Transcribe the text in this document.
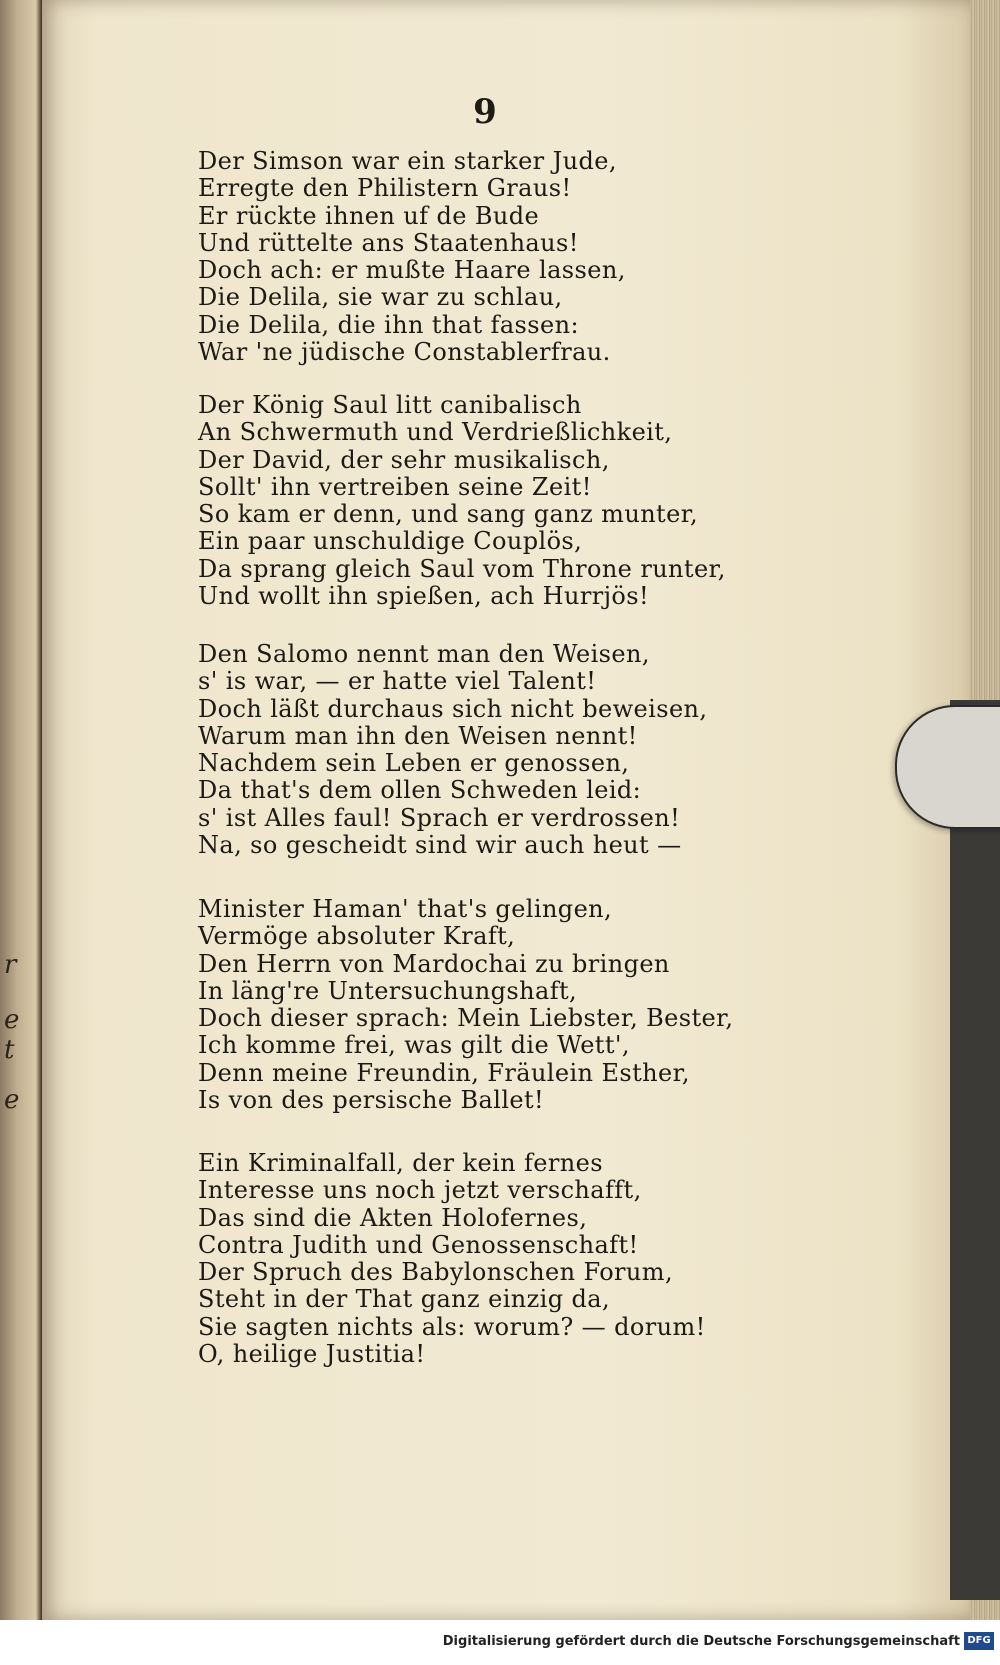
r
e
t
e
9
Der Simson war ein starker Jude,
Erregte den Philistern Graus!
Er rückte ihnen uf de Bude
Und rüttelte ans Staatenhaus!
Doch ach: er mußte Haare lassen,
Die Delila, sie war zu schlau,
Die Delila, die ihn that fassen:
War 'ne jüdische Constablerfrau.
Der König Saul litt canibalisch
An Schwermuth und Verdrießlichkeit,
Der David, der sehr musikalisch,
Sollt' ihn vertreiben seine Zeit!
So kam er denn, und sang ganz munter,
Ein paar unschuldige Couplös,
Da sprang gleich Saul vom Throne runter,
Und wollt ihn spießen, ach Hurrjös!
Den Salomo nennt man den Weisen,
s' is war, — er hatte viel Talent!
Doch läßt durchaus sich nicht beweisen,
Warum man ihn den Weisen nennt!
Nachdem sein Leben er genossen,
Da that's dem ollen Schweden leid:
s' ist Alles faul! Sprach er verdrossen!
Na, so gescheidt sind wir auch heut —
Minister Haman' that's gelingen,
Vermöge absoluter Kraft,
Den Herrn von Mardochai zu bringen
In läng're Untersuchungshaft,
Doch dieser sprach: Mein Liebster, Bester,
Ich komme frei, was gilt die Wett',
Denn meine Freundin, Fräulein Esther,
Is von des persische Ballet!
Ein Kriminalfall, der kein fernes
Interesse uns noch jetzt verschafft,
Das sind die Akten Holofernes,
Contra Judith und Genossenschaft!
Der Spruch des Babylonschen Forum,
Steht in der That ganz einzig da,
Sie sagten nichts als: worum? — dorum!
O, heilige Justitia!
Digitalisierung gefördert durch die Deutsche Forschungsgemeinschaft DFG
